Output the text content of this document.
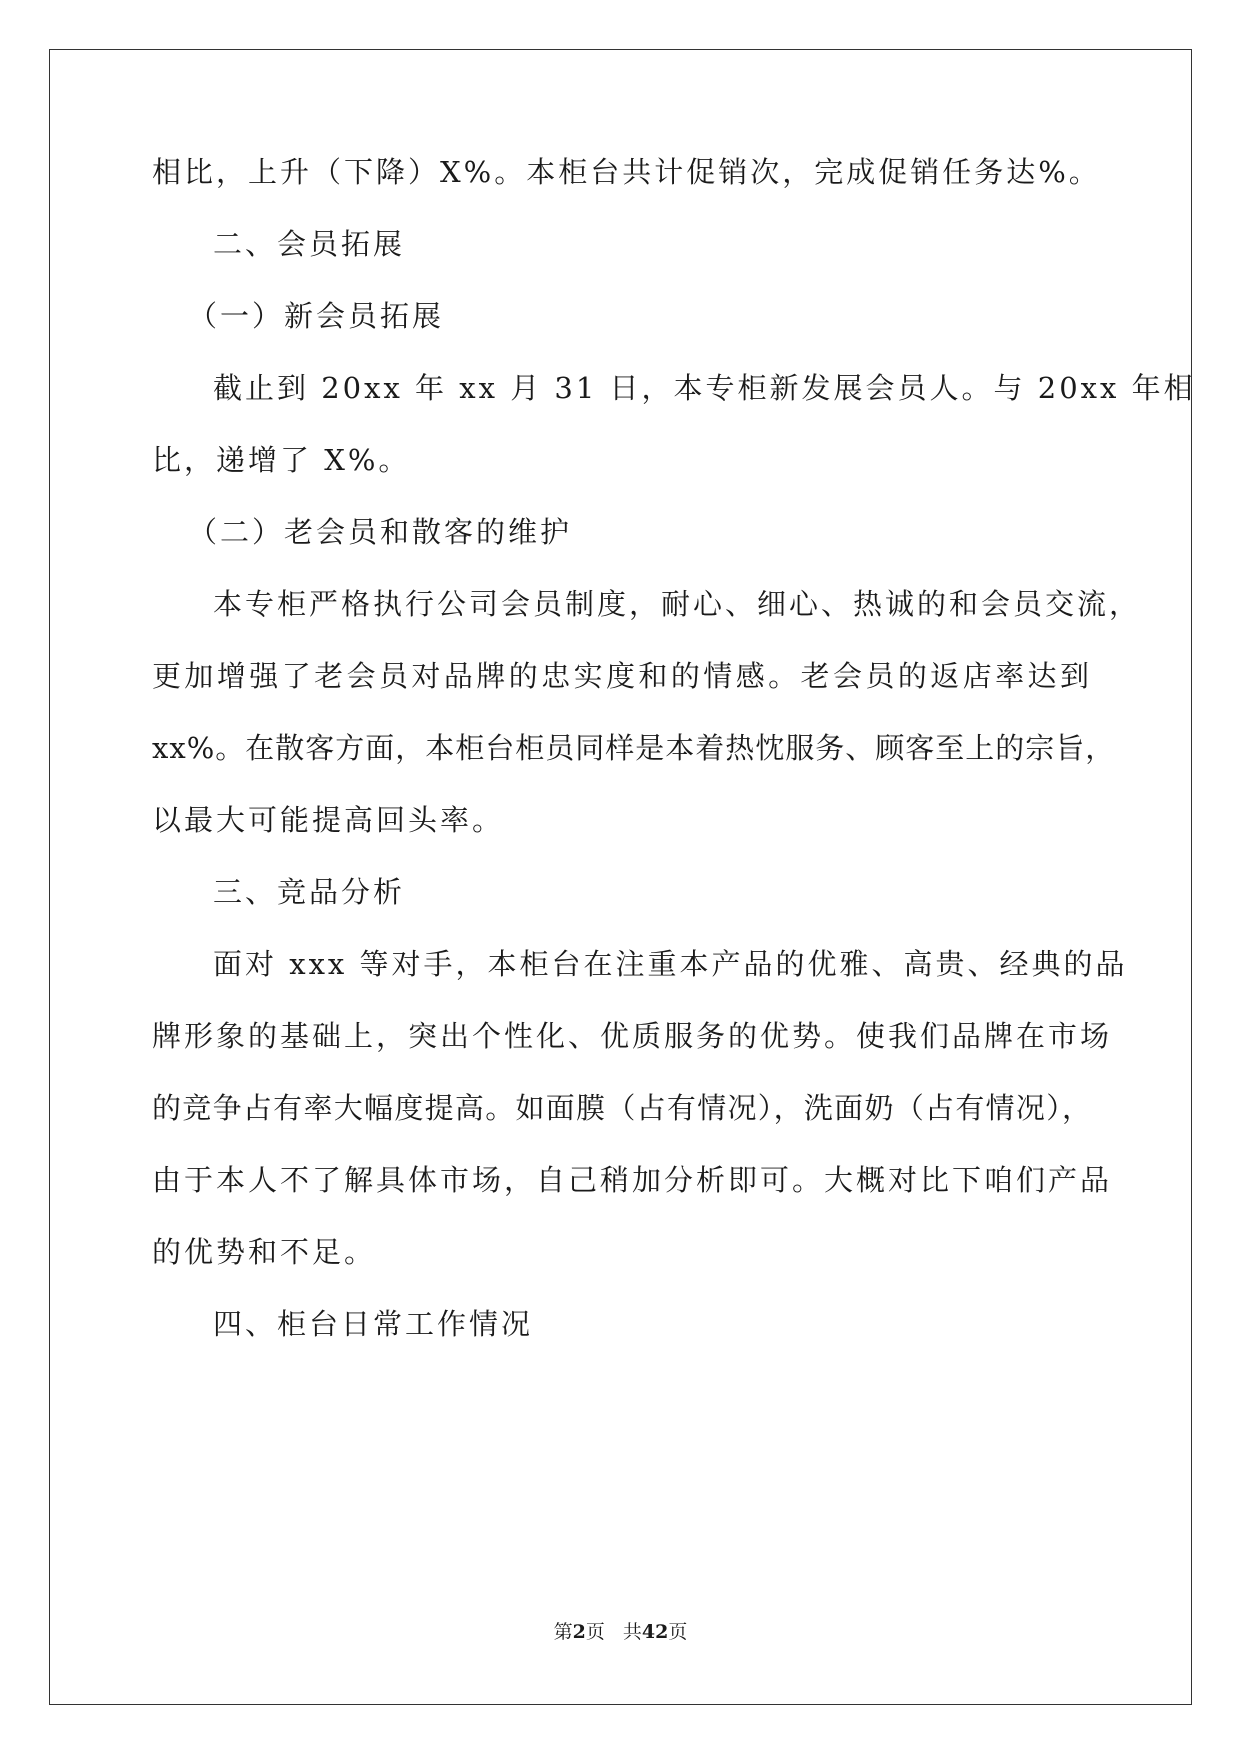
相比，上升（下降）X%。本柜台共计促销次，完成促销任务达%。

二、会员拓展

（一）新会员拓展

截止到 20xx 年 xx 月 31 日，本专柜新发展会员人。与 20xx 年相

比，递增了 X%。

（二）老会员和散客的维护

本专柜严格执行公司会员制度，耐心、细心、热诚的和会员交流，

更加增强了老会员对品牌的忠实度和的情感。老会员的返店率达到

xx%。在散客方面，本柜台柜员同样是本着热忱服务、顾客至上的宗旨，

以最大可能提高回头率。

三、竞品分析

面对 xxx 等对手，本柜台在注重本产品的优雅、高贵、经典的品

牌形象的基础上，突出个性化、优质服务的优势。使我们品牌在市场

的竞争占有率大幅度提高。如面膜（占有情况），洗面奶（占有情况），

由于本人不了解具体市场，自己稍加分析即可。大概对比下咱们产品

的优势和不足。

四、柜台日常工作情况

第2页 共42页
